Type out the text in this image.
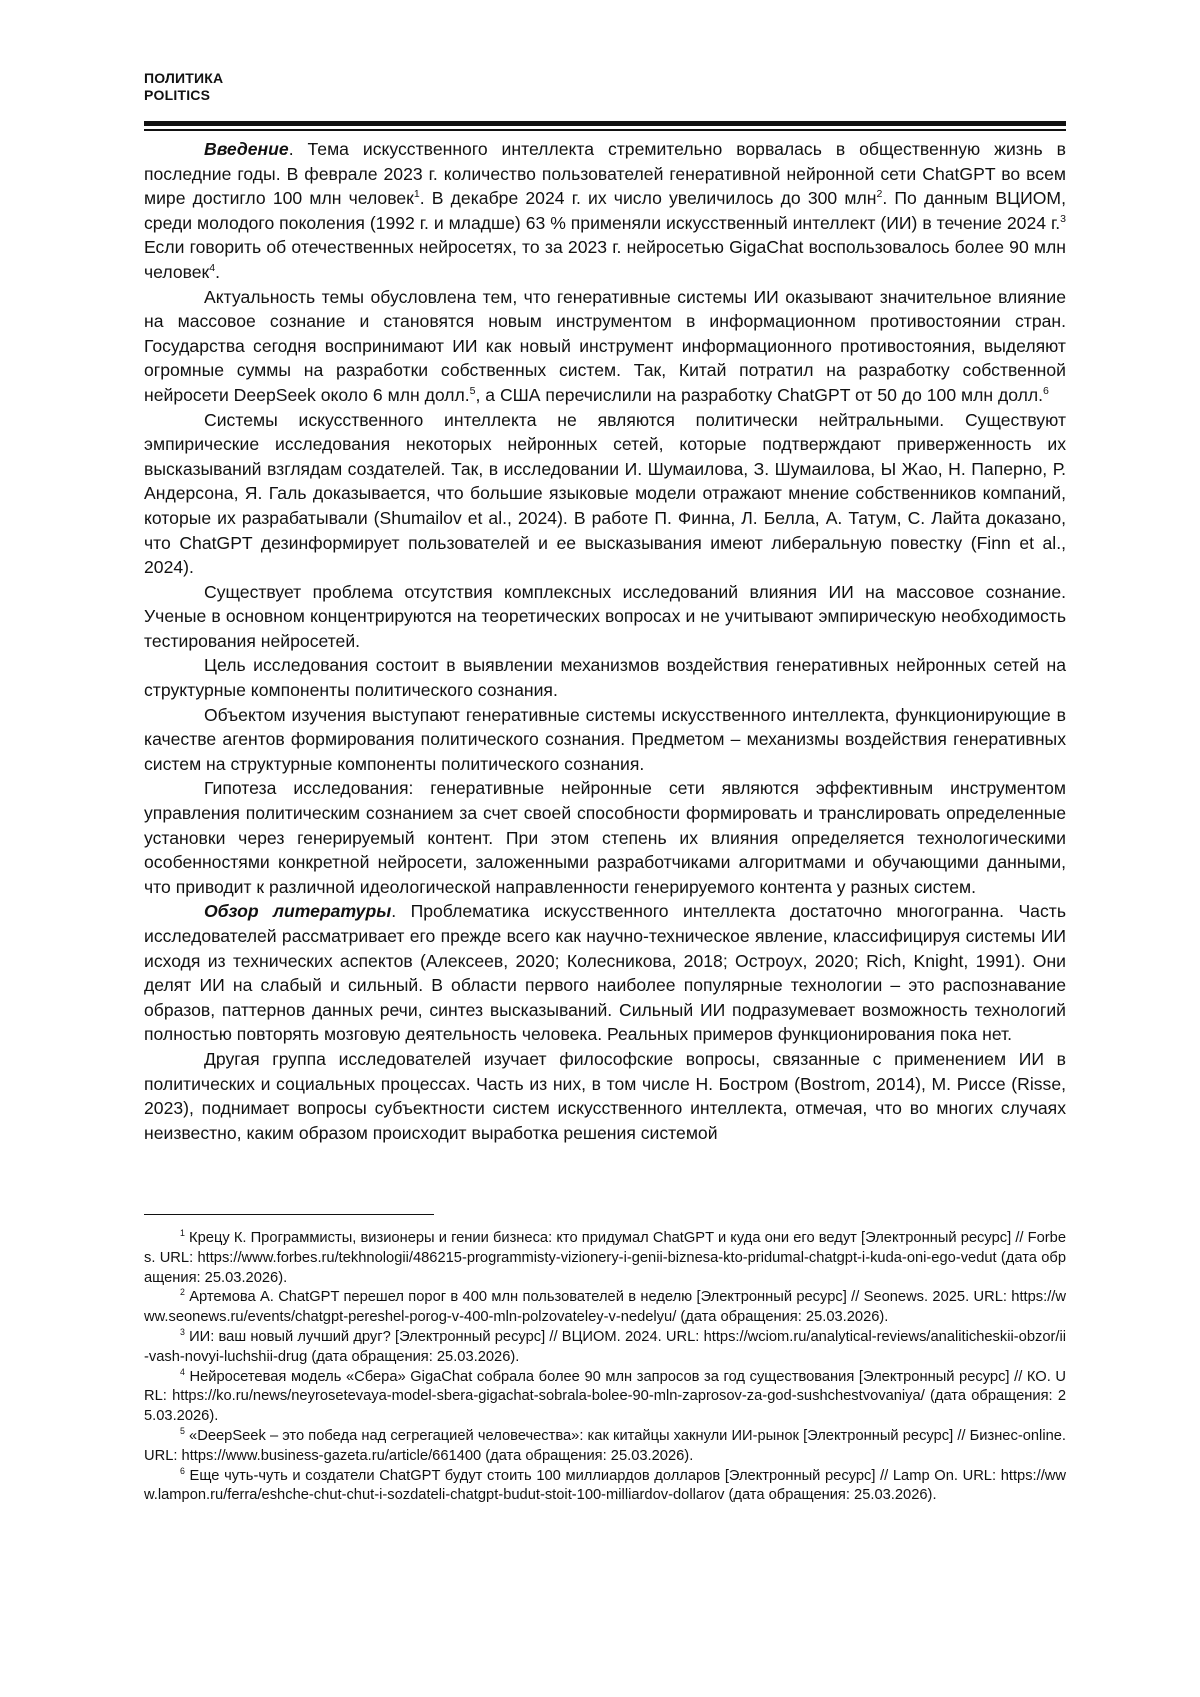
ПОЛИТИКА
POLITICS

Введение. Тема искусственного интеллекта стремительно ворвалась в общественную жизнь в последние годы. В феврале 2023 г. количество пользователей генеративной нейронной сети ChatGPT во всем мире достигло 100 млн человек$^1$. В декабре 2024 г. их число увеличилось до 300 млн$^2$. По данным ВЦИОМ, среди молодого поколения (1992 г. и младше) 63 % применяли искусственный интеллект (ИИ) в течение 2024 г.$^3$ Если говорить об отечественных нейросетях, то за 2023 г. нейросетью GigaChat воспользовалось более 90 млн человек$^4$.

Актуальность темы обусловлена тем, что генеративные системы ИИ оказывают значительное влияние на массовое сознание и становятся новым инструментом в информационном противостоянии стран. Государства сегодня воспринимают ИИ как новый инструмент информационного противостояния, выделяют огромные суммы на разработки собственных систем. Так, Китай потратил на разработку собственной нейросети DeepSeek около 6 млн долл.$^5$, а США перечислили на разработку ChatGPT от 50 до 100 млн долл.$^6$

Системы искусственного интеллекта не являются политически нейтральными. Существуют эмпирические исследования некоторых нейронных сетей, которые подтверждают приверженность их высказываний взглядам создателей. Так, в исследовании И. Шумаилова, З. Шумаилова, Ы Жао, Н. Паперно, Р. Андерсона, Я. Галь доказывается, что большие языковые модели отражают мнение собственников компаний, которые их разрабатывали (Shumailov et al., 2024). В работе П. Финна, Л. Белла, А. Татум, С. Лайта доказано, что ChatGPT дезинформирует пользователей и ее высказывания имеют либеральную повестку (Finn et al., 2024).

Существует проблема отсутствия комплексных исследований влияния ИИ на массовое сознание. Ученые в основном концентрируются на теоретических вопросах и не учитывают эмпирическую необходимость тестирования нейросетей.

Цель исследования состоит в выявлении механизмов воздействия генеративных нейронных сетей на структурные компоненты политического сознания.

Объектом изучения выступают генеративные системы искусственного интеллекта, функционирующие в качестве агентов формирования политического сознания. Предметом – механизмы воздействия генеративных систем на структурные компоненты политического сознания.

Гипотеза исследования: генеративные нейронные сети являются эффективным инструментом управления политическим сознанием за счет своей способности формировать и транслировать определенные установки через генерируемый контент. При этом степень их влияния определяется технологическими особенностями конкретной нейросети, заложенными разработчиками алгоритмами и обучающими данными, что приводит к различной идеологической направленности генерируемого контента у разных систем.

Обзор литературы. Проблематика искусственного интеллекта достаточно многогранна. Часть исследователей рассматривает его прежде всего как научно-техническое явление, классифицируя системы ИИ исходя из технических аспектов (Алексеев, 2020; Колесникова, 2018; Остроух, 2020; Rich, Knight, 1991). Они делят ИИ на слабый и сильный. В области первого наиболее популярные технологии – это распознавание образов, паттернов данных речи, синтез высказываний. Сильный ИИ подразумевает возможность технологий полностью повторять мозговую деятельность человека. Реальных примеров функционирования пока нет.

Другая группа исследователей изучает философские вопросы, связанные с применением ИИ в политических и социальных процессах. Часть из них, в том числе Н. Бостром (Bostrom, 2014), М. Риссе (Risse, 2023), поднимает вопросы субъектности систем искусственного интеллекта, отмечая, что во многих случаях неизвестно, каким образом происходит выработка решения системой

$^1$ Крецу К. Программисты, визионеры и гении бизнеса: кто придумал ChatGPT и куда они его ведут [Электронный ресурс] // Forbes. URL: https://www.forbes.ru/tekhnologii/486215-programmisty-vizionery-i-genii-biznesa-kto-pridumal-chatgpt-i-kuda-oni-ego-vedut (дата обращения: 25.03.2026).

$^2$ Артемова А. ChatGPT перешел порог в 400 млн пользователей в неделю [Электронный ресурс] // Seonews. 2025. URL: https://www.seonews.ru/events/chatgpt-pereshel-porog-v-400-mln-polzovateley-v-nedelyu/ (дата обращения: 25.03.2026).

$^3$ ИИ: ваш новый лучший друг? [Электронный ресурс] // ВЦИОМ. 2024. URL: https://wciom.ru/analytical-reviews/analiticheskii-obzor/ii-vash-novyi-luchshii-drug (дата обращения: 25.03.2026).

$^4$ Нейросетевая модель «Сбера» GigaChat собрала более 90 млн запросов за год существования [Электронный ресурс] // КО. URL: https://ko.ru/news/neyrosetevaya-model-sbera-gigachat-sobrala-bolee-90-mln-zaprosov-za-god-sushchestvovaniya/ (дата обращения: 25.03.2026).

$^5$ «DeepSeek – это победа над сегрегацией человечества»: как китайцы хакнули ИИ-рынок [Электронный ресурс] // Бизнес-online. URL: https://www.business-gazeta.ru/article/661400 (дата обращения: 25.03.2026).

$^6$ Еще чуть-чуть и создатели ChatGPT будут стоить 100 миллиардов долларов [Электронный ресурс] // Lamp On. URL: https://www.lampon.ru/ferra/eshche-chut-chut-i-sozdateli-chatgpt-budut-stoit-100-milliardov-dollarov (дата обращения: 25.03.2026).
